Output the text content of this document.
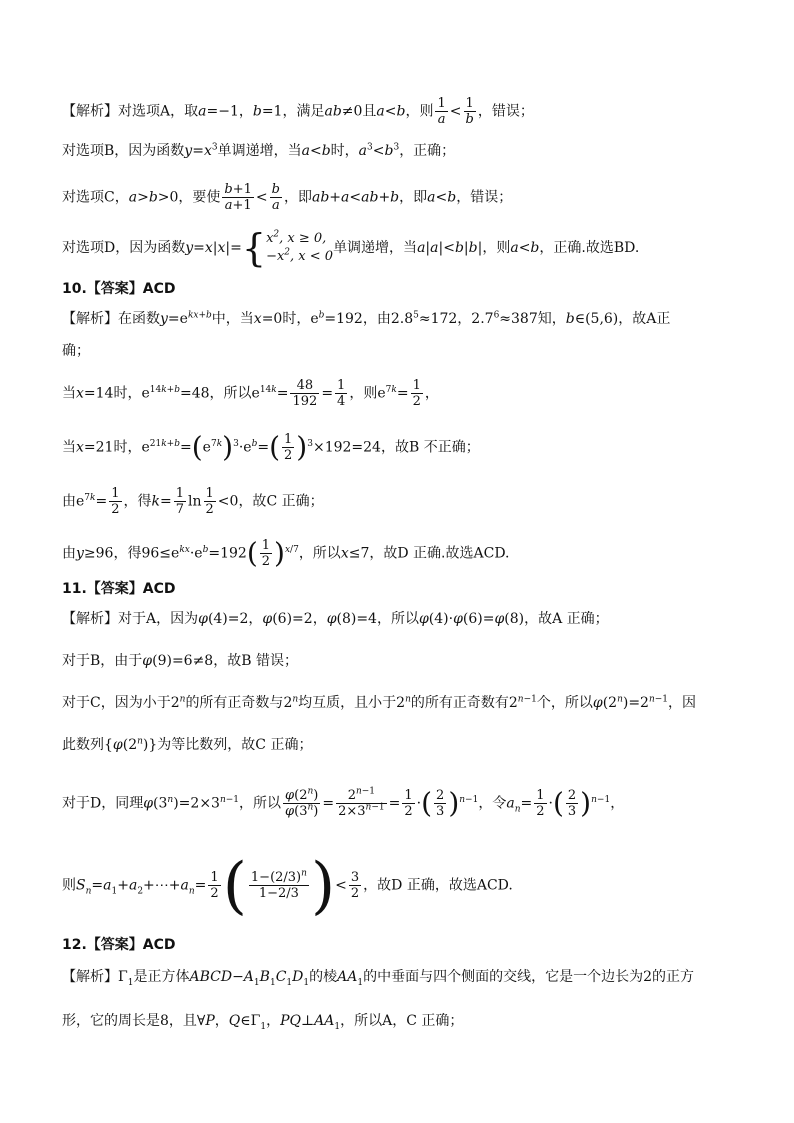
【解析】对选项A，取a=−1，b=1，满足ab≠0且a<b，则 $\frac{1}{a} < \frac{1}{b}$ ，错误；
对选项B，因为函数$y=x^3$单调递增，当a<b时，$a^3<b^3$，正确；
对选项C，a>b>0，要使 $\frac{b+1}{a+1} < \frac{b}{a}$ ，即ab+a<ab+b，即a<b，错误；
对选项D，因为函数$y=x|x|=\{x^2$, x ≥ 0,
$-x^2$, x < 0单调递增，当a|a|<b|b|，则a<b，正确.故选BD.
10.【答案】ACD
【解析】在函数$y=e^{kx+b}$中，当x=0时，$e^b=192$，由$2.8^5\approx 172$，$2.7^6\approx 387$知，b∈(5,6)，故A正
确；
当x=14时，$e^{14k+b}=48$，所以$e^{14k}= \frac{48}{192} = \frac{1}{4}$ ，则$e^{7k}= \frac{1}{2}$ ，
当x=21时，$e^{21k+b}=(e^{7k})^3\cdot e^b=( \frac{1}{2} )^3\times 192=24$，故B 不正确；
由$e^{7k}= \frac{1}{2}$ ，得$k= \frac{1}{7}$ $\ln \frac{1}{2} <0$，故C 正确；
由y≥96，得$96\le e^{kx}\cdot e^b=192( \frac{1}{2} )^{x/7}$，所以x≤7，故D 正确.故选ACD.
11.【答案】ACD
【解析】对于A，因为φ(4)=2，φ(6)=2，φ(8)=4，所以φ(4)·φ(6)=φ(8)，故A 正确；
对于B，由于φ(9)=6≠8，故B 错误；
对于C，因为小于2$^n$的所有正奇数与2$^n$均互质，且小于2$^n$的所有正奇数有$2^{n-1}$个，所以$\varphi(2^n)=2^{n-1}$，因
此数列{φ(2$^n$)}为等比数列，故C 正确；
对于D，同理$\varphi(3^n)=2\times 3^{n-1}$，所以 $\frac{\varphi(2^n)}{\varphi(3^n)} = \frac{2^{n-1}}{2\times 3^{n-1}} = \frac{1}{2}$ ·( $\frac{2}{3} )^{n-1}$，令$a_n= \frac{1}{2}$ ·( $\frac{2}{3} )^{n-1}$，
则$S_n=a_1+a_2+\cdots+a_n= \frac{1}{2}$ ( $\frac{1-(2/3)^n}{1-2/3}$ )< $\frac{3}{2}$ ，故D 正确，故选ACD.
12.【答案】ACD
【解析】$\Gamma_1$是正方体$ABCD-A_1B_1C_1D_1$的棱$AA_1$的中垂面与四个侧面的交线，它是一个边长为2的正方
形，它的周长是8，且∀P，$Q\in\Gamma_1$，$PQ\perp AA_1$，所以A，C 正确；
